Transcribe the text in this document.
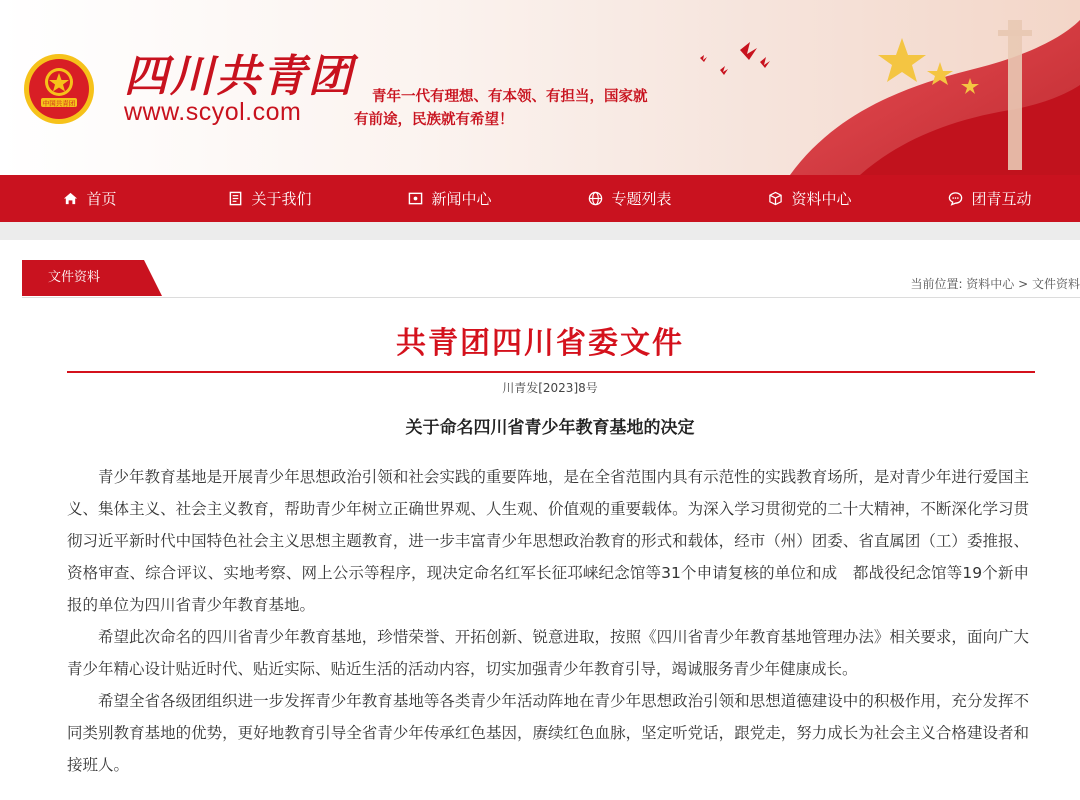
中国共青团
四川共青团
www.scyol.com
青年一代有理想、有本领、有担当，国家就
有前途，民族就有希望！
首页	关于我们	新闻中心	专题列表	资料中心	团青互动
文件资料	当前位置: 资料中心 > 文件资料
共青团四川省委文件
川青发[2023]8号
关于命名四川省青少年教育基地的决定

青少年教育基地是开展青少年思想政治引领和社会实践的重要阵地，是在全省范围内具有示范性的实践教育场所，是对青少年进行爱国主义、集体主义、社会主义教育，帮助青少年树立正确世界观、人生观、价值观的重要载体。为深入学习贯彻党的二十大精神，不断深化学习贯彻习近平新时代中国特色社会主义思想主题教育，进一步丰富青少年思想政治教育的形式和载体，经市（州）团委、省直属团（工）委推报、资格审查、综合评议、实地考察、网上公示等程序，现决定命名红军长征邛崃纪念馆等31个申请复核的单位和成　都战役纪念馆等19个新申报的单位为四川省青少年教育基地。

希望此次命名的四川省青少年教育基地，珍惜荣誉、开拓创新、锐意进取，按照《四川省青少年教育基地管理办法》相关要求，面向广大青少年精心设计贴近时代、贴近实际、贴近生活的活动内容，切实加强青少年教育引导，竭诚服务青少年健康成长。

希望全省各级团组织进一步发挥青少年教育基地等各类青少年活动阵地在青少年思想政治引领和思想道德建设中的积极作用，充分发挥不同类别教育基地的优势，更好地教育引导全省青少年传承红色基因，赓续红色血脉，坚定听党话，跟党走，努力成长为社会主义合格建设者和接班人。
